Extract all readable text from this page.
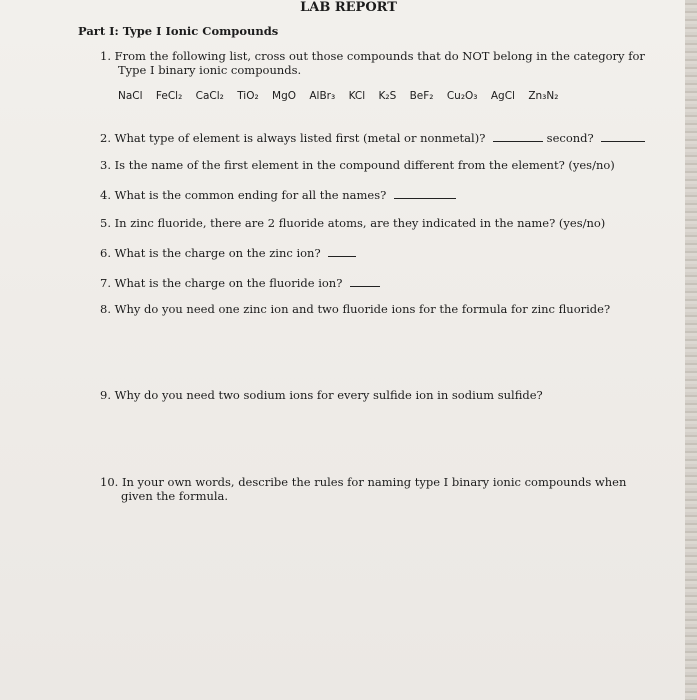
LAB REPORT
Part I: Type I Ionic Compounds
1. From the following list, cross out those compounds that do NOT belong in the category for
Type I binary ionic compounds.
NaCl FeCl₂ CaCl₂ TiO₂ MgO AlBr₃ KCl K₂S BeF₂ Cu₂O₃ AgCl Zn₃N₂
2. What type of element is always listed first (metal or nonmetal)?	second?
3. Is the name of the first element in the compound different from the element? (yes/no)
4. What is the common ending for all the names?
5. In zinc fluoride, there are 2 fluoride atoms, are they indicated in the name? (yes/no)
6. What is the charge on the zinc ion?
7. What is the charge on the fluoride ion?
8. Why do you need one zinc ion and two fluoride ions for the formula for zinc fluoride?
9. Why do you need two sodium ions for every sulfide ion in sodium sulfide?
10. In your own words, describe the rules for naming type I binary ionic compounds when
given the formula.
